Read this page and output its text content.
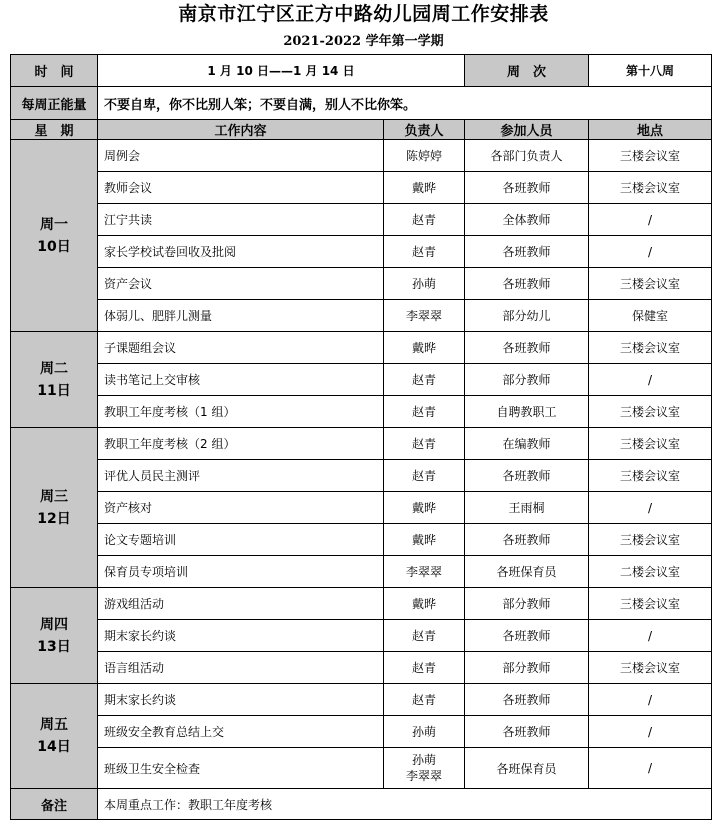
南京市江宁区正方中路幼儿园周工作安排表
2021-2022 学年第一学期
时　间	1 月 10 日——1 月 14 日		周　次	第十八周
每周正能量	不要自卑，你不比别人笨；不要自满，别人不比你笨。			
星　期	工作内容	负责人	参加人员	地点

周一
10日	周例会	陈婷婷	各部门负责人	三楼会议室
	教师会议	戴晔	各班教师	三楼会议室
	江宁共读	赵青	全体教师	/
	家长学校试卷回收及批阅	赵青	各班教师	/
	资产会议	孙萌	各班教师	三楼会议室
	体弱儿、肥胖儿测量	李翠翠	部分幼儿	保健室

周二
11日	子课题组会议	戴晔	各班教师	三楼会议室
	读书笔记上交审核	赵青	部分教师	/
	教职工年度考核（1 组）	赵青	自聘教职工	三楼会议室

周三
12日	教职工年度考核（2 组）	赵青	在编教师	三楼会议室
	评优人员民主测评	赵青	各班教师	三楼会议室
	资产核对	戴晔	王雨桐	/
	论文专题培训	戴晔	各班教师	三楼会议室
	保育员专项培训	李翠翠	各班保育员	二楼会议室

周四
13日	游戏组活动	戴晔	部分教师	三楼会议室
	期末家长约谈	赵青	各班教师	/
	语言组活动	赵青	部分教师	三楼会议室

周五
14日	期末家长约谈	赵青	各班教师	/
	班级安全教育总结上交	孙萌	各班教师	/
	班级卫生安全检查	孙萌
李翠翠	各班保育员	/
备注	本周重点工作：教职工年度考核			
